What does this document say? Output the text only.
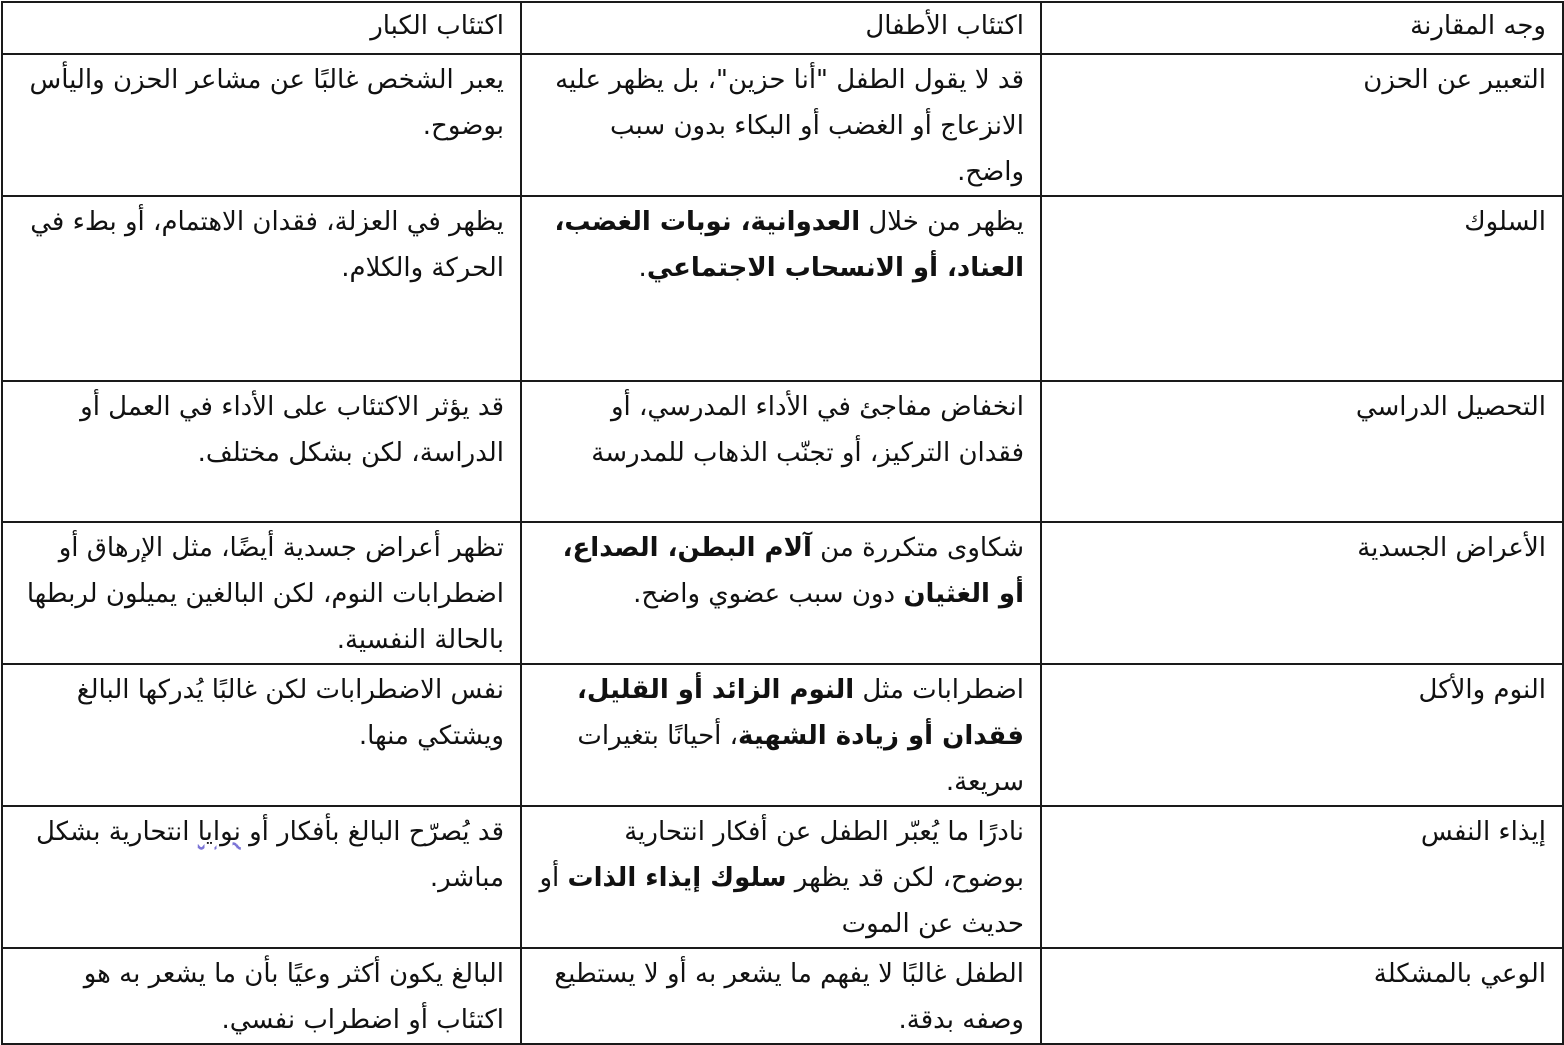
وجه المقارنة	اكتئاب الأطفال	اكتئاب الكبار
التعبير عن الحزن	قد لا يقول الطفل "أنا حزين"، بل يظهر عليه الانزعاج أو الغضب أو البكاء بدون سبب واضح.	يعبر الشخص غالبًا عن مشاعر الحزن واليأس بوضوح.
السلوك	يظهر من خلال العدوانية، نوبات الغضب، العناد، أو الانسحاب الاجتماعي.	يظهر في العزلة، فقدان الاهتمام، أو بطء في الحركة والكلام.
التحصيل الدراسي	انخفاض مفاجئ في الأداء المدرسي، أو فقدان التركيز، أو تجنّب الذهاب للمدرسة	قد يؤثر الاكتئاب على الأداء في العمل أو الدراسة، لكن بشكل مختلف.
الأعراض الجسدية	شكاوى متكررة من آلام البطن، الصداع، أو الغثيان دون سبب عضوي واضح.	تظهر أعراض جسدية أيضًا، مثل الإرهاق أو اضطرابات النوم، لكن البالغين يميلون لربطها بالحالة النفسية.
النوم والأكل	اضطرابات مثل النوم الزائد أو القليل، فقدان أو زيادة الشهية، أحيانًا بتغيرات سريعة.	نفس الاضطرابات لكن غالبًا يُدركها البالغ ويشتكي منها.
إيذاء النفس	نادرًا ما يُعبّر الطفل عن أفكار انتحارية بوضوح، لكن قد يظهر سلوك إيذاء الذات أو حديث عن الموت	قد يُصرّح البالغ بأفكار أو نوايا انتحارية بشكل مباشر.
الوعي بالمشكلة	الطفل غالبًا لا يفهم ما يشعر به أو لا يستطيع وصفه بدقة.	البالغ يكون أكثر وعيًا بأن ما يشعر به هو اكتئاب أو اضطراب نفسي.
